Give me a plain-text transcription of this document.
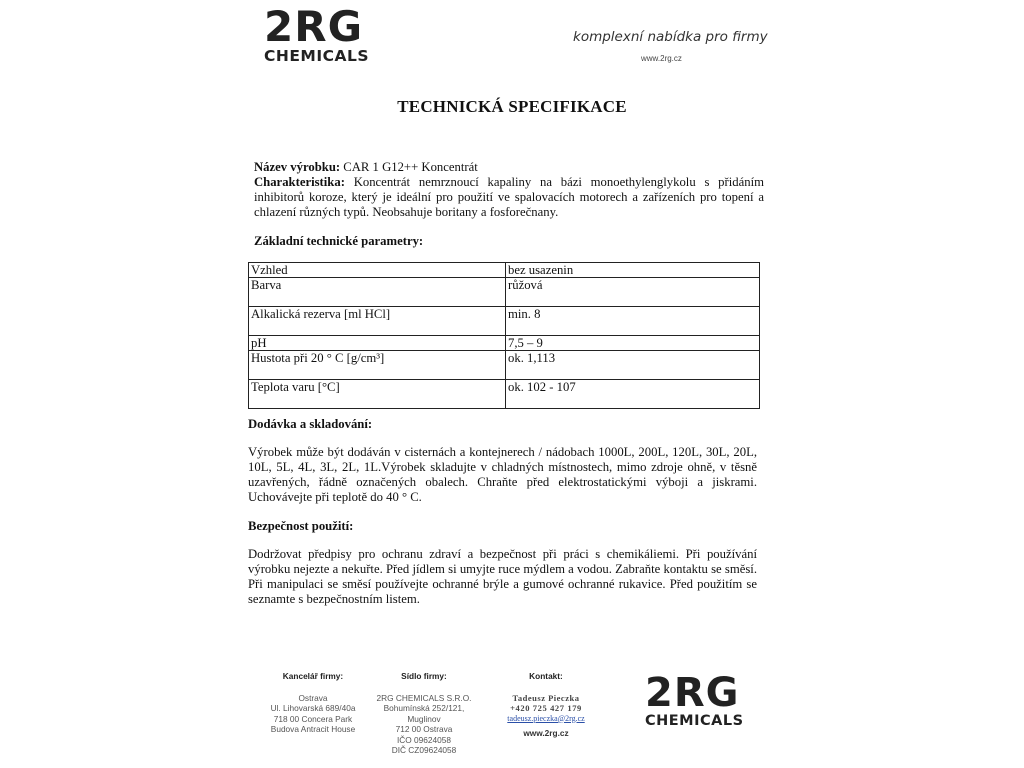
2RG
CHEMICALS
komplexní nabídka pro firmy
www.2rg.cz
TECHNICKÁ SPECIFIKACE
Název výrobku: CAR 1 G12++ Koncentrát
Charakteristika: Koncentrát nemrznoucí kapaliny na bázi monoethylenglykolu s přidáním inhibitorů koroze, který je ideální pro použití ve spalovacích motorech a zařízeních pro topení a chlazení různých typů. Neobsahuje boritany a fosforečnany.
Základní technické parametry:
Vzhled	bez usazenin
Barva	růžová
Alkalická rezerva [ml HCl]	min. 8
pH	7,5 – 9
Hustota při 20 ° C [g/cm³]	ok. 1,113
Teplota varu [°C]	ok. 102 - 107
Dodávka a skladování:
Výrobek může být dodáván v cisternách a kontejnerech / nádobach 1000L, 200L, 120L, 30L, 20L, 10L, 5L, 4L, 3L, 2L, 1L.Výrobek skladujte v chladných místnostech, mimo zdroje ohně, v těsně uzavřených, řádně označených obalech. Chraňte před elektrostatickými výboji a jiskrami. Uchovávejte při teplotě do 40 ° C.
Bezpečnost použití:
Dodržovat předpisy pro ochranu zdraví a bezpečnost při práci s chemikáliemi. Při používání výrobku nejezte a nekuřte. Před jídlem si umyjte ruce mýdlem a vodou. Zabraňte kontaktu se směsí. Při manipulaci se směsí používejte ochranné brýle a gumové ochranné rukavice. Před použitím se seznamte s bezpečnostním listem.
Kancelář firmy:
Ostrava
Ul. Lihovarská 689/40a
718 00 Concera Park
Budova Antracit House
Sídlo firmy:
2RG CHEMICALS S.R.O.
Bohumínská 252/121, Muglinov
712 00 Ostrava
IČO 09624058
DIČ CZ09624058
Kontakt:
Tadeusz Pieczka
+420 725 427 179
tadeusz.pieczka@2rg.cz
www.2rg.cz
2RG
CHEMICALS
